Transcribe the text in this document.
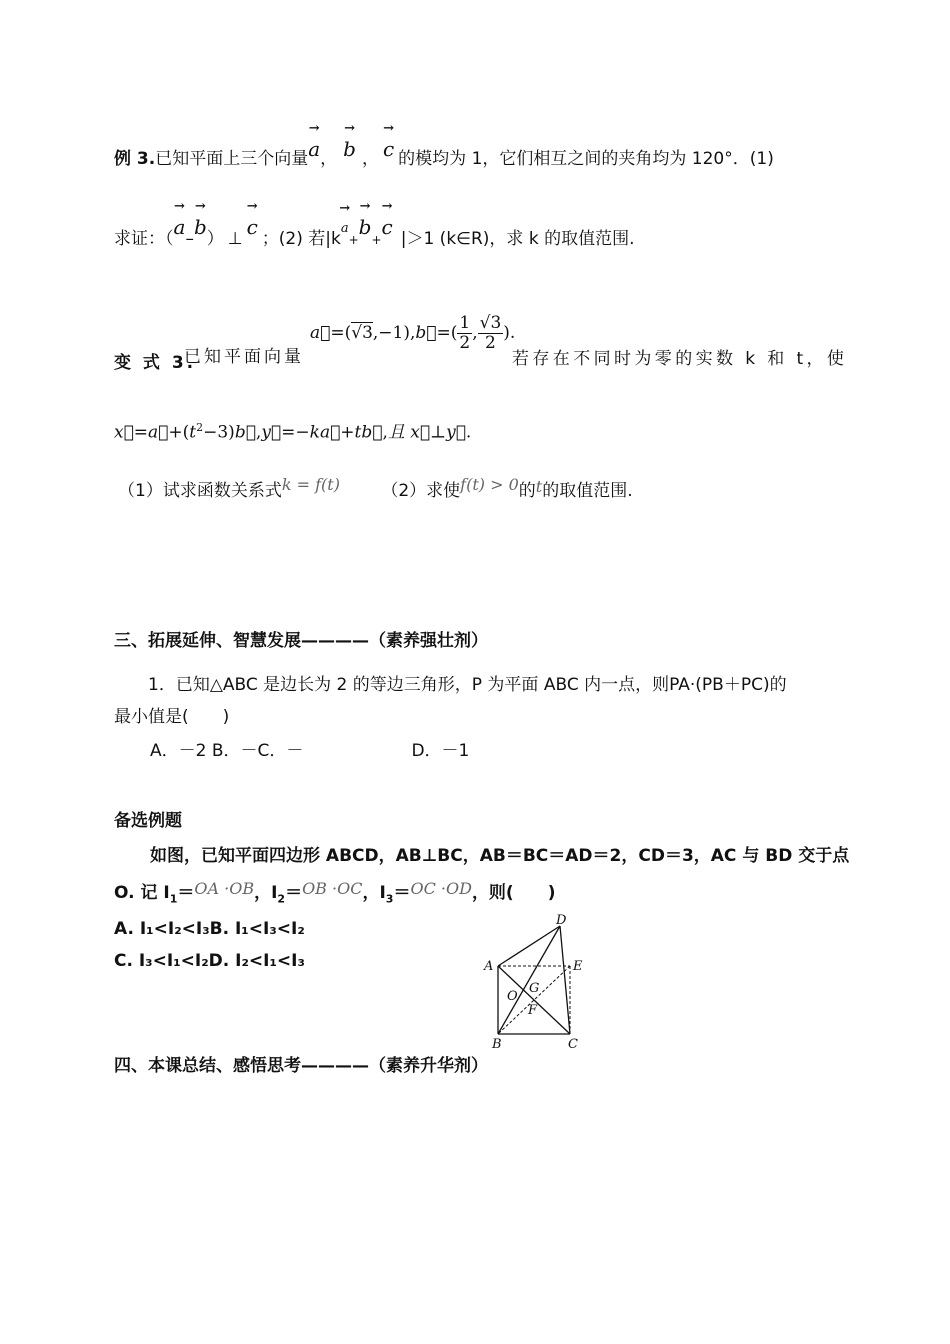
例 3.已知平面上三个向量→ a， → b ， → c 的模均为 1，它们相互之间的夹角均为 120°．(1)
求证：（→ a–→ b） ⊥ → c ；(2) 若|k→ a+→ b+→ c |＞1 (k∈R)，求 k 的取值范围.
a⃗=(√3,−1),b⃗=( $\frac{1}{2}$ , $\frac{√3}{2}$ ).
变 式 3.
已知平面向量	若存在不同时为零的实数 k 和 t，使
$x⃗=a⃗+(t^2-3)b⃗,y⃗=-ka⃗+tb⃗$,且 x⃗⊥y⃗.
（1）试求函数关系式k = f(t) （2）求使f(t) > 0的t的取值范围.
三、拓展延伸、智慧发展————（素养强壮剂）
1．已知△ABC 是边长为 2 的等边三角形，P 为平面 ABC 内一点，则PA·(PB＋PC)的
最小值是(　　)
A．－2 B．－C．－                    D．－1
备选例题
如图，已知平面四边形 ABCD，AB⊥BC，AB＝BC＝AD＝2，CD＝3，AC 与 BD 交于点
O. 记 $I_1=OA \cdot OB$，$I_2=OB \cdot OC$，$I_3=OC \cdot OD$，则(　　)
A. I₁<I₂<I₃B. I₁<I₃<I₂
C. I₃<I₁<I₂D. I₂<I₁<I₃
D
A	E
G
O
F
B	C
四、本课总结、感悟思考————（素养升华剂）
